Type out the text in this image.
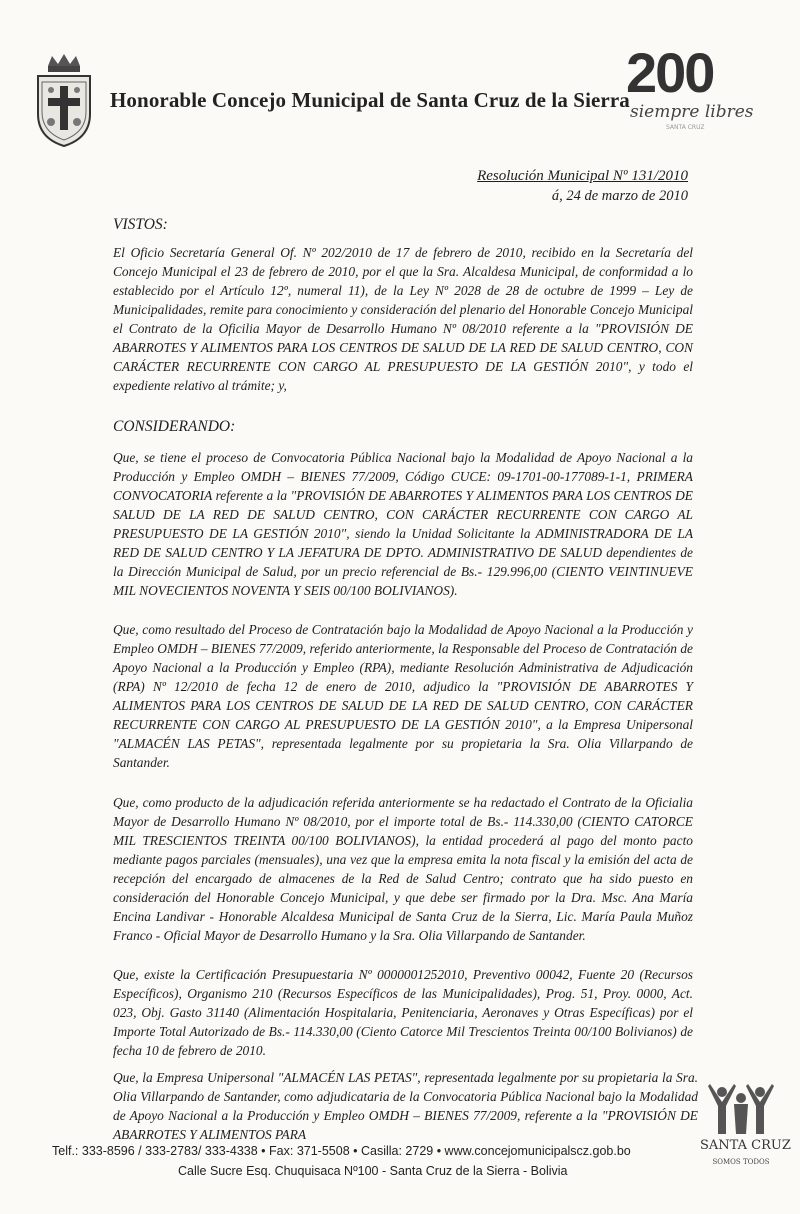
Honorable Concejo Municipal de Santa Cruz de la Sierra
200
siempre libres
SANTA CRUZ
Resolución Municipal Nº 131/2010
á, 24 de marzo de 2010
VISTOS:

El Oficio Secretaría General Of. Nº 202/2010 de 17 de febrero de 2010, recibido en la Secretaría del Concejo Municipal el 23 de febrero de 2010, por el que la Sra. Alcaldesa Municipal, de conformidad a lo establecido por el Artículo 12º, numeral 11), de la Ley Nº 2028 de 28 de octubre de 1999 – Ley de Municipalidades, remite para conocimiento y consideración del plenario del Honorable Concejo Municipal el Contrato de la Oficilia Mayor de Desarrollo Humano Nº 08/2010 referente a la "PROVISIÓN DE ABARROTES Y ALIMENTOS PARA LOS CENTROS DE SALUD DE LA RED DE SALUD CENTRO, CON CARÁCTER RECURRENTE CON CARGO AL PRESUPUESTO DE LA GESTIÓN 2010", y todo el expediente relativo al trámite; y,

CONSIDERANDO:

Que, se tiene el proceso de Convocatoria Pública Nacional bajo la Modalidad de Apoyo Nacional a la Producción y Empleo OMDH – BIENES 77/2009, Código CUCE: 09-1701-00-177089-1-1, PRIMERA CONVOCATORIA referente a la "PROVISIÓN DE ABARROTES Y ALIMENTOS PARA LOS CENTROS DE SALUD DE LA RED DE SALUD CENTRO, CON CARÁCTER RECURRENTE CON CARGO AL PRESUPUESTO DE LA GESTIÓN 2010", siendo la Unidad Solicitante la ADMINISTRADORA DE LA RED DE SALUD CENTRO Y LA JEFATURA DE DPTO. ADMINISTRATIVO DE SALUD dependientes de la Dirección Municipal de Salud, por un precio referencial de Bs.- 129.996,00 (CIENTO VEINTINUEVE MIL NOVECIENTOS NOVENTA Y SEIS 00/100 BOLIVIANOS).

Que, como resultado del Proceso de Contratación bajo la Modalidad de Apoyo Nacional a la Producción y Empleo OMDH – BIENES 77/2009, referido anteriormente, la Responsable del Proceso de Contratación de Apoyo Nacional a la Producción y Empleo (RPA), mediante Resolución Administrativa de Adjudicación (RPA) Nº 12/2010 de fecha 12 de enero de 2010, adjudico la "PROVISIÓN DE ABARROTES Y ALIMENTOS PARA LOS CENTROS DE SALUD DE LA RED DE SALUD CENTRO, CON CARÁCTER RECURRENTE CON CARGO AL PRESUPUESTO DE LA GESTIÓN 2010", a la Empresa Unipersonal "ALMACÉN LAS PETAS", representada legalmente por su propietaria la Sra. Olia Villarpando de Santander.

Que, como producto de la adjudicación referida anteriormente se ha redactado el Contrato de la Oficialia Mayor de Desarrollo Humano Nº 08/2010, por el importe total de Bs.- 114.330,00 (CIENTO CATORCE MIL TRESCIENTOS TREINTA 00/100 BOLIVIANOS), la entidad procederá al pago del monto pacto mediante pagos parciales (mensuales), una vez que la empresa emita la nota fiscal y la emisión del acta de recepción del encargado de almacenes de la Red de Salud Centro; contrato que ha sido puesto en consideración del Honorable Concejo Municipal, y que debe ser firmado por la Dra. Msc. Ana María Encina Landivar - Honorable Alcaldesa Municipal de Santa Cruz de la Sierra, Lic. María Paula Muñoz Franco - Oficial Mayor de Desarrollo Humano y la Sra. Olia Villarpando de Santander.

Que, existe la Certificación Presupuestaria Nº 0000001252010, Preventivo 00042, Fuente 20 (Recursos Específicos), Organismo 210 (Recursos Específicos de las Municipalidades), Prog. 51, Proy. 0000, Act. 023, Obj. Gasto 31140 (Alimentación Hospitalaria, Penitenciaria, Aeronaves y Otras Específicas) por el Importe Total Autorizado de Bs.- 114.330,00 (Ciento Catorce Mil Trescientos Treinta 00/100 Bolivianos) de fecha 10 de febrero de 2010.

Que, la Empresa Unipersonal "ALMACÉN LAS PETAS", representada legalmente por su propietaria la Sra. Olia Villarpando de Santander, como adjudicataria de la Convocatoria Pública Nacional bajo la Modalidad de Apoyo Nacional a la Producción y Empleo OMDH – BIENES 77/2009, referente a la "PROVISIÓN DE ABARROTES Y ALIMENTOS PARA

SANTA CRUZ
SOMOS TODOS
Telf.: 333-8596 / 333-2783/ 333-4338 • Fax: 371-5508 • Casilla: 2729 • www.concejomunicipalscz.gob.bo
Calle Sucre Esq. Chuquisaca Nº100 - Santa Cruz de la Sierra - Bolivia
